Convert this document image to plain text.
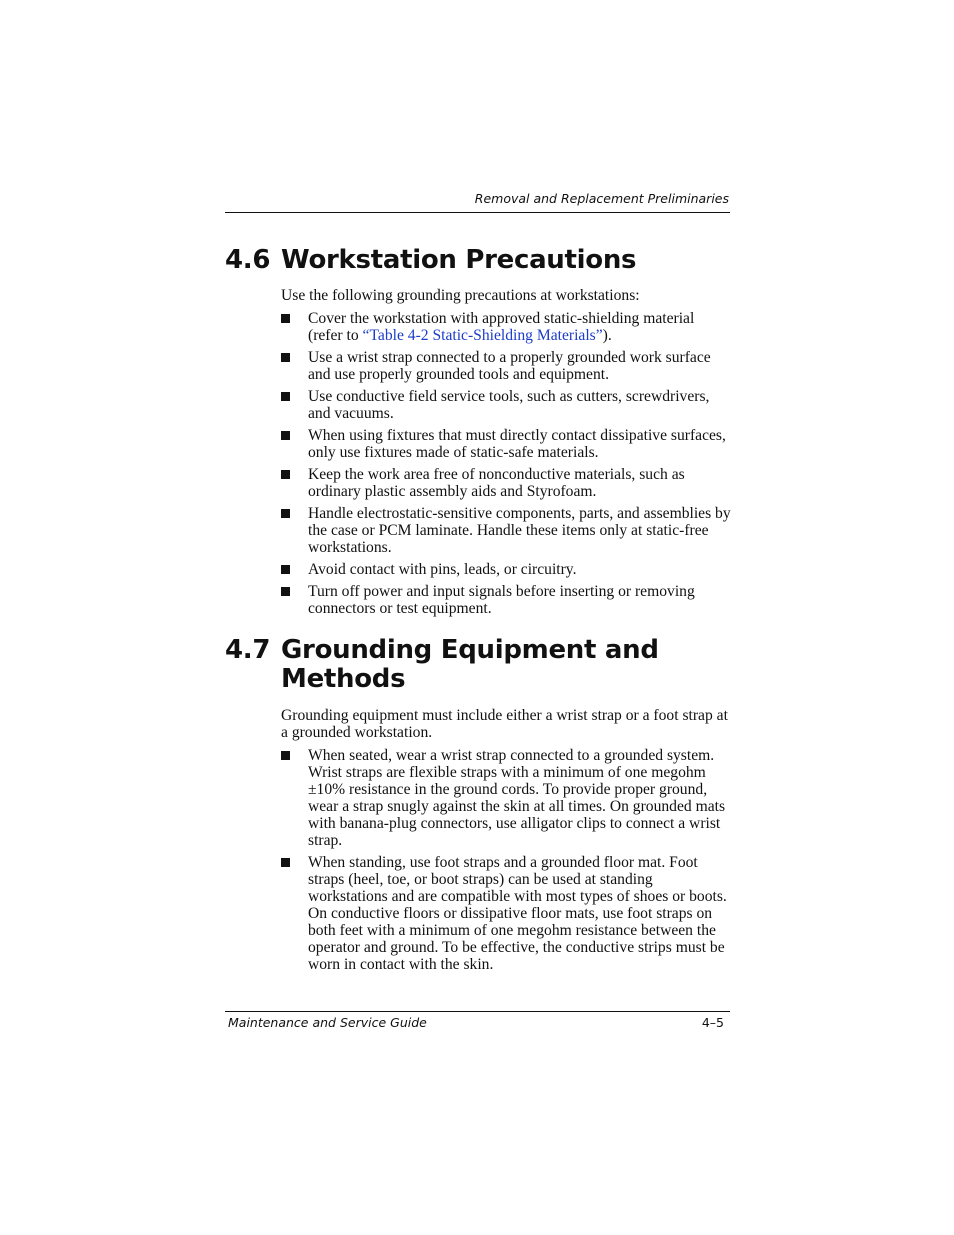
Removal and Replacement Preliminaries
4.6 Workstation Precautions

Use the following grounding precautions at workstations:

Cover the workstation with approved static-shielding material (refer to “Table 4-2 Static-Shielding Materials”).
Use a wrist strap connected to a properly grounded work surface and use properly grounded tools and equipment.
Use conductive field service tools, such as cutters, screwdrivers, and vacuums.
When using fixtures that must directly contact dissipative surfaces, only use fixtures made of static-safe materials.
Keep the work area free of nonconductive materials, such as ordinary plastic assembly aids and Styrofoam.
Handle electrostatic-sensitive components, parts, and assemblies by the case or PCM laminate. Handle these items only at static-free workstations.
Avoid contact with pins, leads, or circuitry.
Turn off power and input signals before inserting or removing connectors or test equipment.
4.7 Grounding Equipment and Methods

Grounding equipment must include either a wrist strap or a foot strap at a grounded workstation.

When seated, wear a wrist strap connected to a grounded system. Wrist straps are flexible straps with a minimum of one megohm ±10% resistance in the ground cords. To provide proper ground, wear a strap snugly against the skin at all times. On grounded mats with banana-plug connectors, use alligator clips to connect a wrist strap.
When standing, use foot straps and a grounded floor mat. Foot straps (heel, toe, or boot straps) can be used at standing workstations and are compatible with most types of shoes or boots. On conductive floors or dissipative floor mats, use foot straps on both feet with a minimum of one megohm resistance between the operator and ground. To be effective, the conductive strips must be worn in contact with the skin.
Maintenance and Service Guide	4–5
